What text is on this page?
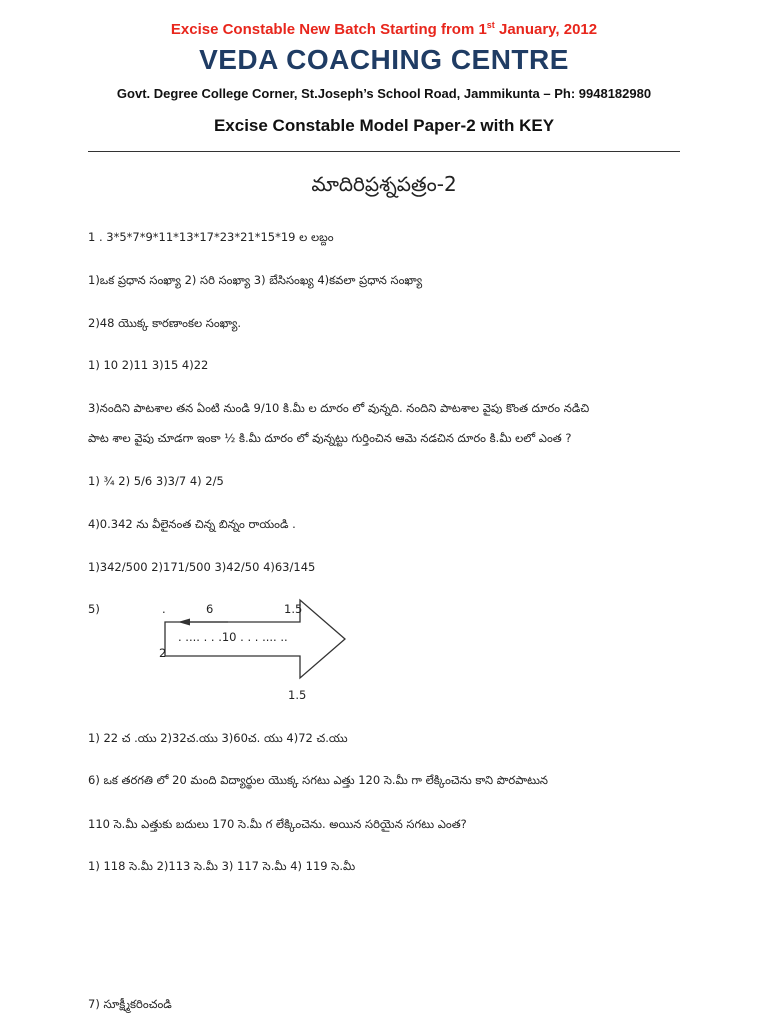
Excise Constable New Batch Starting from 1st January, 2012
VEDA COACHING CENTRE
Govt. Degree College Corner, St.Joseph’s School Road, Jammikunta – Ph: 9948182980
Excise Constable Model Paper-2 with KEY
మాదిరిప్రశ్నపత్రం-2
1 . 3*5*7*9*11*13*17*23*21*15*19 ల లబ్దం
1)ఒక ప్రధాన సంఖ్యా 2) సరి సంఖ్యా 3) బేసిసంఖ్య 4)కవలా ప్రధాన సంఖ్యా
2)48 యొక్క కారణాంకల సంఖ్యా.
1) 10 2)11 3)15 4)22
3)నందిని పాటశాల తన ఏంటి నుండి 9/10 కి.మీ ల దూరం లో వున్నది. నందిని పాటశాల వైపు కొంత దూరం నడిచి
పాట శాల వైపు చూడగా ఇంకా ½ కి.మీ దూరం లో వున్నట్టు గుర్తించిన ఆమె నడచిన దూరం కి.మీ లలో ఎంత ?
1) ¾ 2) 5/6 3)3/7 4) 2/5
4)0.342 ను వీలైనంత చిన్న బిన్నం రాయండి .
1)342/500 2)171/500 3)42/50 4)63/145
5)	.	6	1.5
. .... . . .10 . . . .... ..
2
1.5
1) 22 చ .యు 2)32చ.యు 3)60చ. యు 4)72 చ.యు
6) ఒక తరగతి లో 20 మంది విద్యార్థుల యొక్క సగటు ఎత్తు 120 సె.మీ గా లేక్కించెను కాని పొరపాటున
110 సె.మీ ఎత్తుకు బదులు 170 సె.మీ గ లేక్కించెను. అయిన సరియైన సగటు ఎంత?
1) 118 సె.మీ 2)113 సె.మీ 3) 117 సె.మీ 4) 119 సె.మీ
7) సూక్ష్మీకరించండి
